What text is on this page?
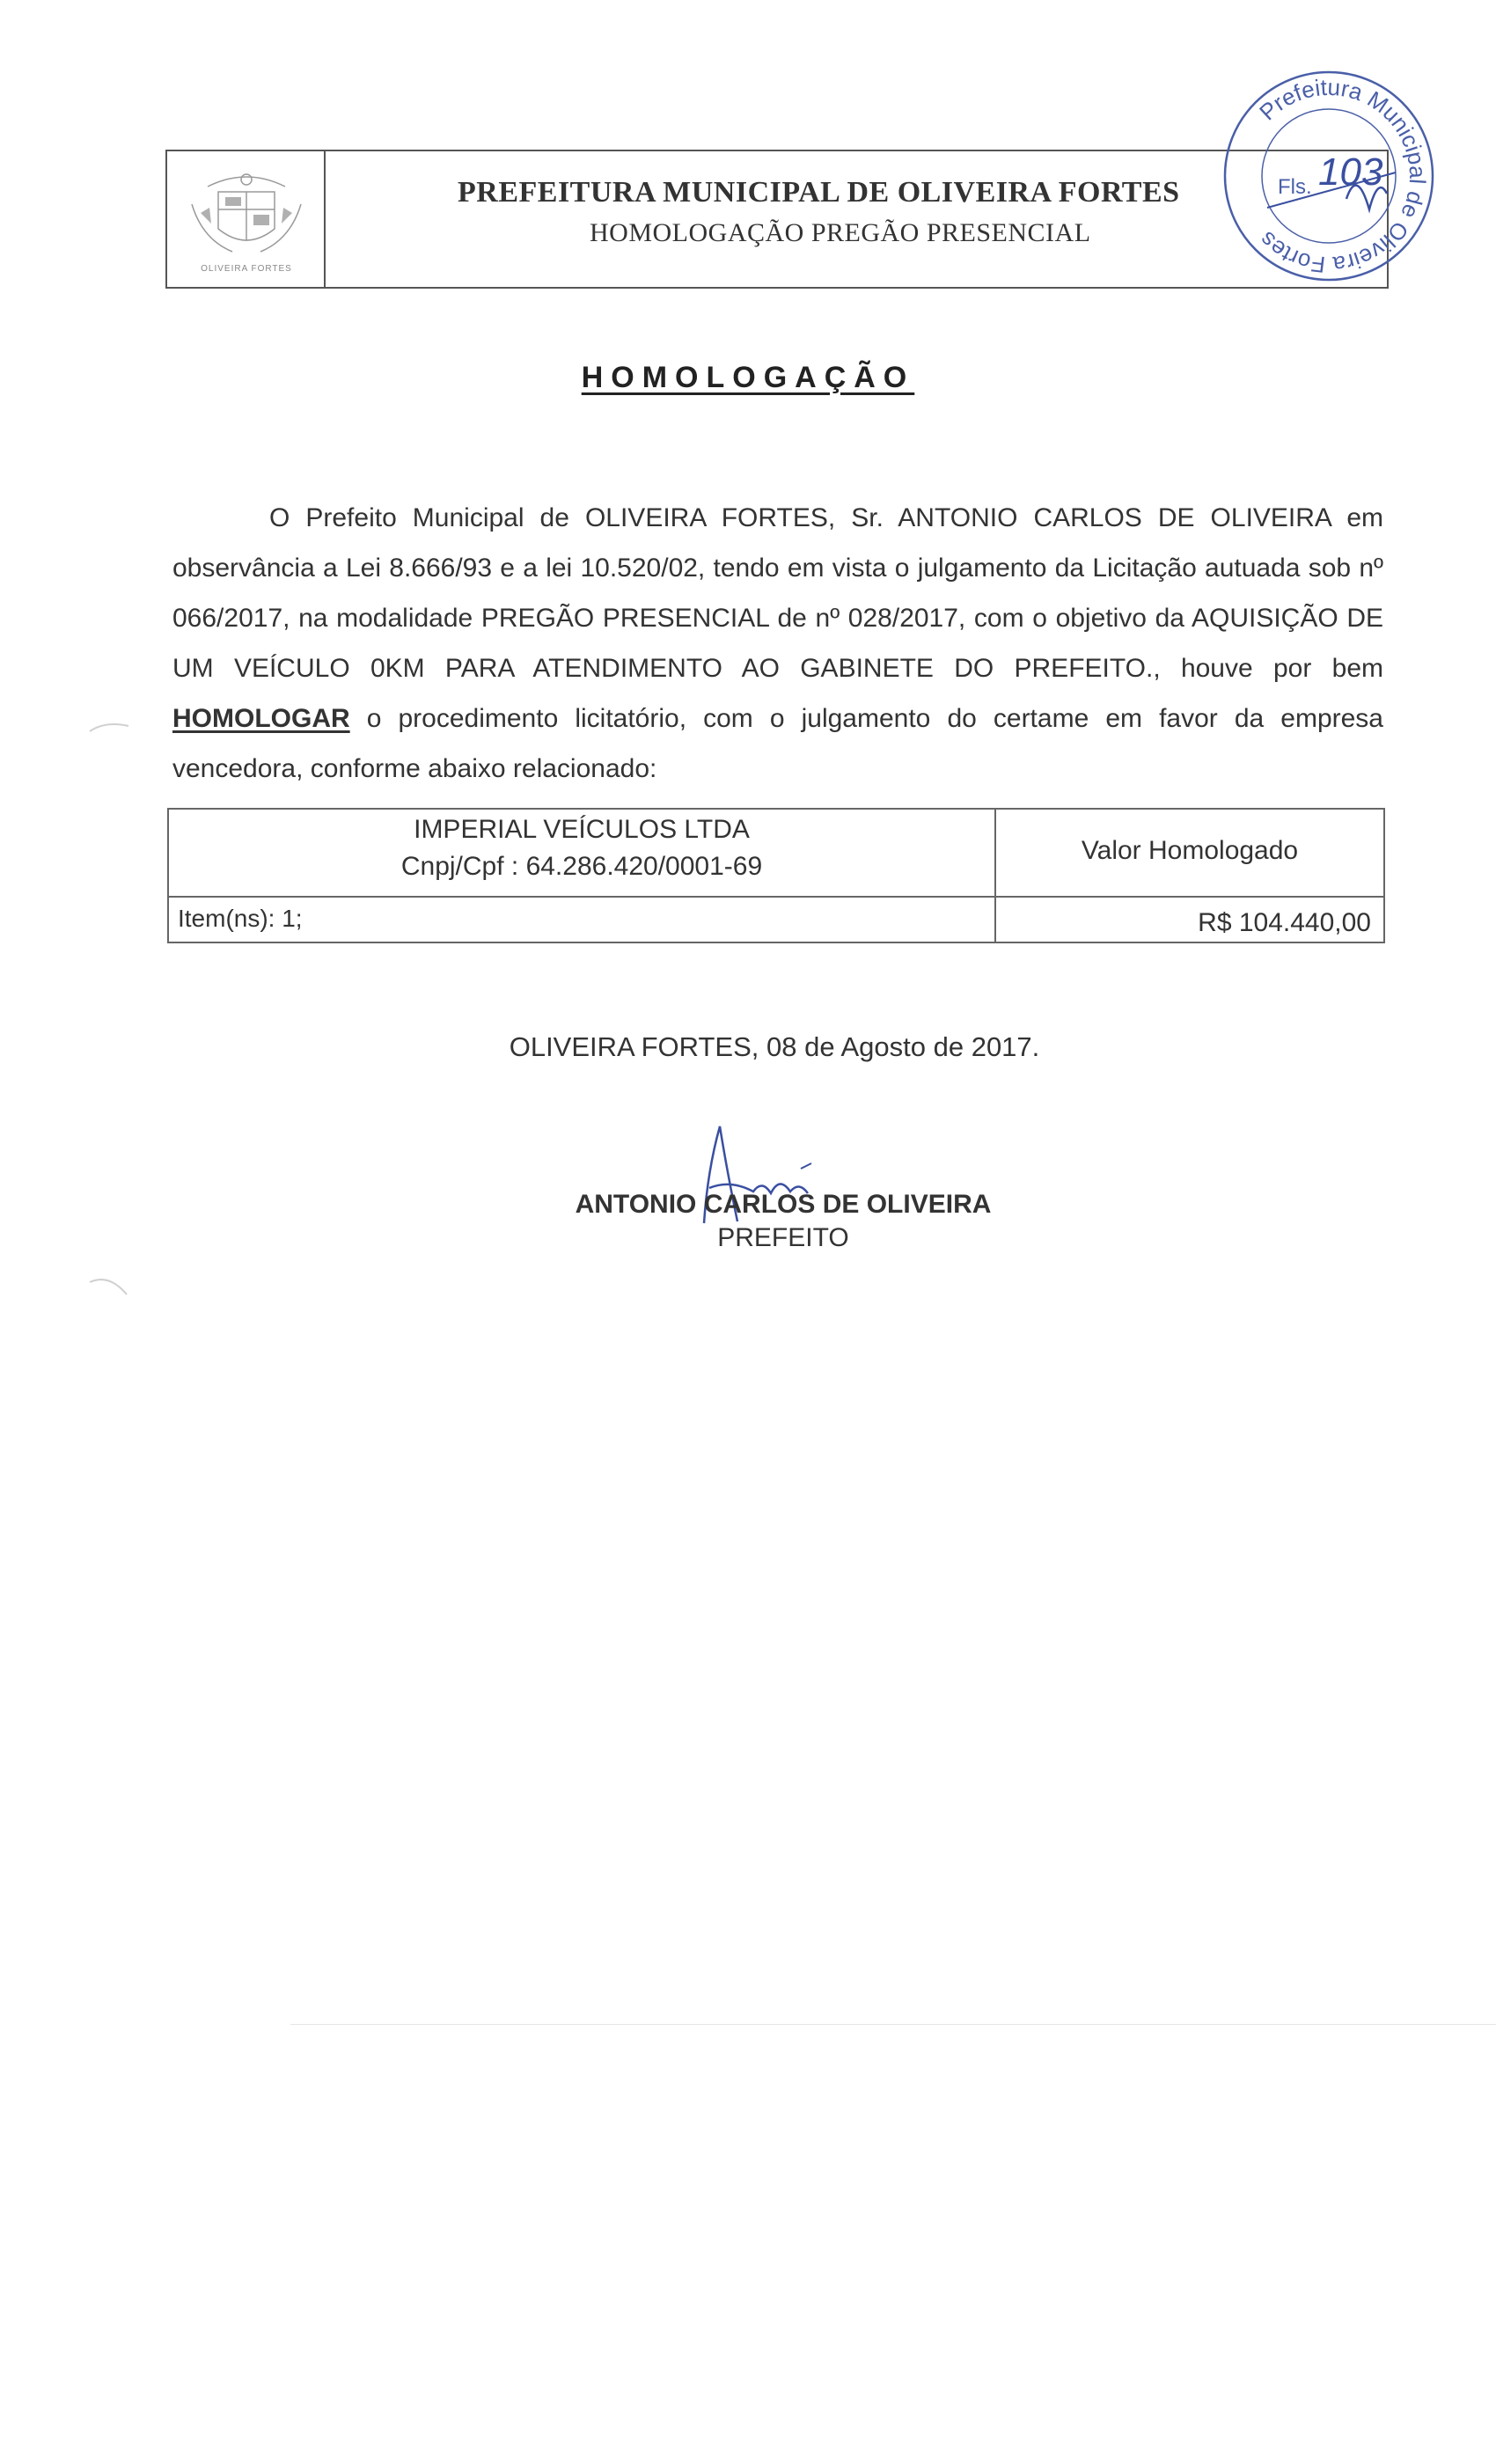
OLIVEIRA FORTES
PREFEITURA MUNICIPAL DE OLIVEIRA FORTES
HOMOLOGAÇÃO PREGÃO PRESENCIAL
Prefeitura Municipal de Oliveira Fortes
Fls. 103
HOMOLOGAÇÃO

O Prefeito Municipal de OLIVEIRA FORTES, Sr. ANTONIO CARLOS DE OLIVEIRA em observância a Lei 8.666/93 e a lei 10.520/02, tendo em vista o julgamento da Licitação autuada sob nº 066/2017, na modalidade PREGÃO PRESENCIAL de nº 028/2017, com o objetivo da AQUISIÇÃO DE UM VEÍCULO 0KM PARA ATENDIMENTO AO GABINETE DO PREFEITO., houve por bem HOMOLOGAR o procedimento licitatório, com o julgamento do certame em favor da empresa vencedora, conforme abaixo relacionado:

IMPERIAL VEÍCULOS LTDA
Cnpj/Cpf : 64.286.420/0001-69
Valor Homologado
Item(ns): 1;	R$ 104.440,00
OLIVEIRA FORTES, 08 de Agosto de 2017.
ANTONIO CARLOS DE OLIVEIRA
PREFEITO
